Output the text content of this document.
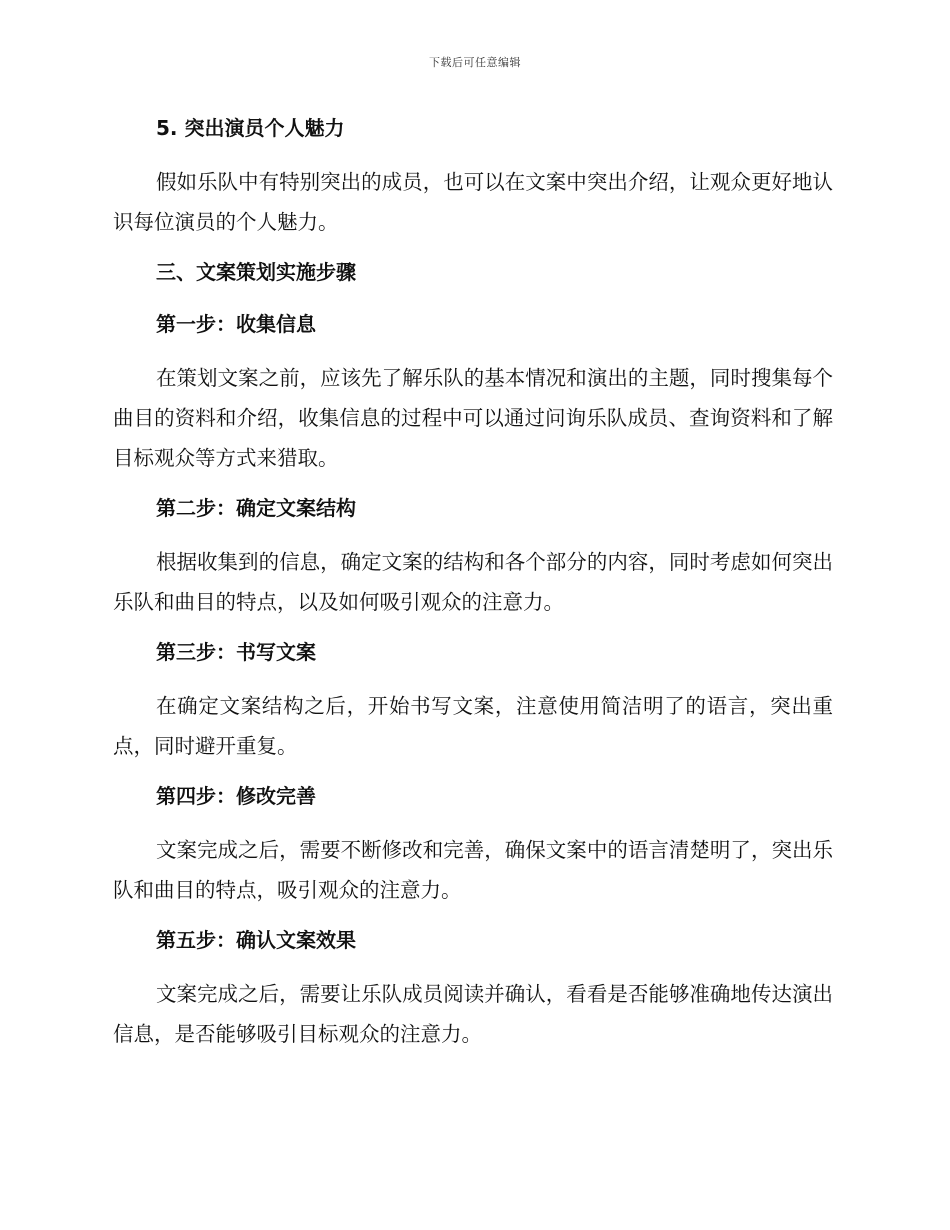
下载后可任意编辑
5. 突出演员个人魅力

假如乐队中有特别突出的成员，也可以在文案中突出介绍，让观众更好地认识每位演员的个人魅力。

三、文案策划实施步骤
第一步：收集信息

在策划文案之前，应该先了解乐队的基本情况和演出的主题，同时搜集每个曲目的资料和介绍，收集信息的过程中可以通过问询乐队成员、查询资料和了解目标观众等方式来猎取。

第二步：确定文案结构

根据收集到的信息，确定文案的结构和各个部分的内容，同时考虑如何突出乐队和曲目的特点，以及如何吸引观众的注意力。

第三步：书写文案

在确定文案结构之后，开始书写文案，注意使用简洁明了的语言，突出重点，同时避开重复。

第四步：修改完善

文案完成之后，需要不断修改和完善，确保文案中的语言清楚明了，突出乐队和曲目的特点，吸引观众的注意力。

第五步：确认文案效果

文案完成之后，需要让乐队成员阅读并确认，看看是否能够准确地传达演出信息，是否能够吸引目标观众的注意力。
